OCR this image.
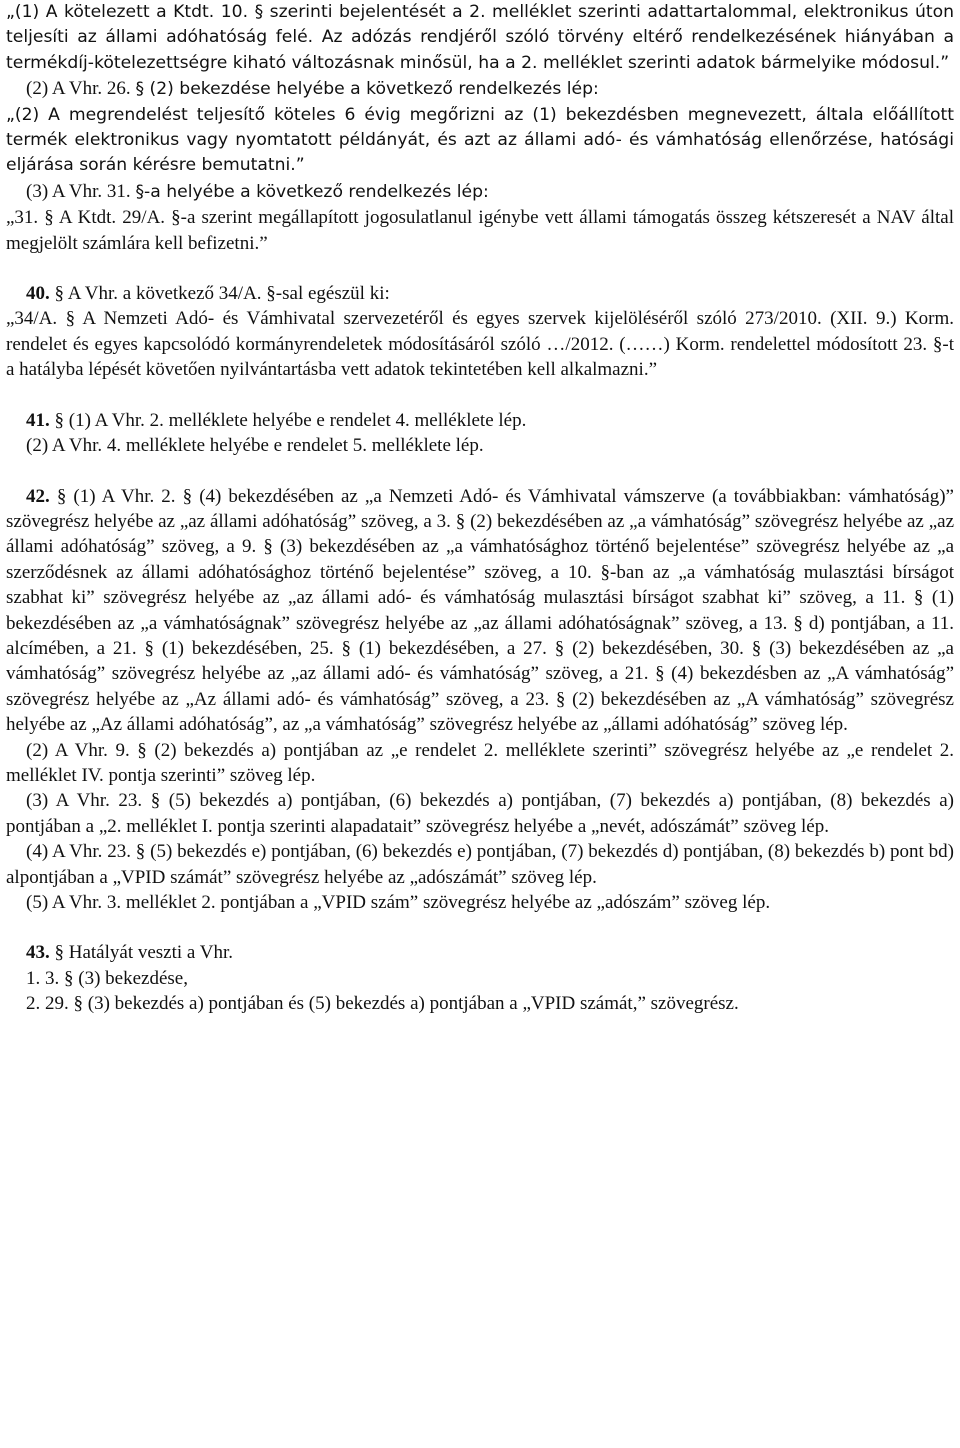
„(1) A kötelezett a Ktdt. 10. § szerinti bejelentését a 2. melléklet szerinti adattartalommal, elektronikus úton teljesíti az állami adóhatóság felé. Az adózás rendjéről szóló törvény eltérő rendelkezésének hiányában a termékdíj-kötelezettségre kiható változásnak minősül, ha a 2. melléklet szerinti adatok bármelyike módosul.”

(2) A Vhr. 26. § (2) bekezdése helyébe a következő rendelkezés lép:

„(2) A megrendelést teljesítő köteles 6 évig megőrizni az (1) bekezdésben megnevezett, általa előállított termék elektronikus vagy nyomtatott példányát, és azt az állami adó- és vámhatóság ellenőrzése, hatósági eljárása során kérésre bemutatni.”

(3) A Vhr. 31. §-a helyébe a következő rendelkezés lép:

„31. § A Ktdt. 29/A. §-a szerint megállapított jogosulatlanul igénybe vett állami támogatás összeg kétszeresét a NAV által megjelölt számlára kell befizetni.”

40. § A Vhr. a következő 34/A. §-sal egészül ki:

„34/A. § A Nemzeti Adó- és Vámhivatal szervezetéről és egyes szervek kijelöléséről szóló 273/2010. (XII. 9.) Korm. rendelet és egyes kapcsolódó kormányrendeletek módosításáról szóló …/2012. (……) Korm. rendelettel módosított 23. §-t a hatályba lépését követően nyilvántartásba vett adatok tekintetében kell alkalmazni.”

41. § (1) A Vhr. 2. melléklete helyébe e rendelet 4. melléklete lép.

(2) A Vhr. 4. melléklete helyébe e rendelet 5. melléklete lép.

42. § (1) A Vhr. 2. § (4) bekezdésében az „a Nemzeti Adó- és Vámhivatal vámszerve (a továbbiakban: vámhatóság)” szövegrész helyébe az „az állami adóhatóság” szöveg, a 3. § (2) bekezdésében az „a vámhatóság” szövegrész helyébe az „az állami adóhatóság” szöveg, a 9. § (3) bekezdésében az „a vámhatósághoz történő bejelentése” szövegrész helyébe az „a szerződésnek az állami adóhatósághoz történő bejelentése” szöveg, a 10. §-ban az „a vámhatóság mulasztási bírságot szabhat ki” szövegrész helyébe az „az állami adó- és vámhatóság mulasztási bírságot szabhat ki” szöveg, a 11. § (1) bekezdésében az „a vámhatóságnak” szövegrész helyébe az „az állami adóhatóságnak” szöveg, a 13. § d) pontjában, a 11. alcímében, a 21. § (1) bekezdésében, 25. § (1) bekezdésében, a 27. § (2) bekezdésében, 30. § (3) bekezdésében az „a vámhatóság” szövegrész helyébe az „az állami adó- és vámhatóság” szöveg, a 21. § (4) bekezdésben az „A vámhatóság” szövegrész helyébe az „Az állami adó- és vámhatóság” szöveg, a 23. § (2) bekezdésében az „A vámhatóság” szövegrész helyébe az „Az állami adóhatóság”, az „a vámhatóság” szövegrész helyébe az „állami adóhatóság” szöveg lép.

(2) A Vhr. 9. § (2) bekezdés a) pontjában az „e rendelet 2. melléklete szerinti” szövegrész helyébe az „e rendelet 2. melléklet IV. pontja szerinti” szöveg lép.

(3) A Vhr. 23. § (5) bekezdés a) pontjában, (6) bekezdés a) pontjában, (7) bekezdés a) pontjában, (8) bekezdés a) pontjában a „2. melléklet I. pontja szerinti alapadatait” szövegrész helyébe a „nevét, adószámát” szöveg lép.

(4) A Vhr. 23. § (5) bekezdés e) pontjában, (6) bekezdés e) pontjában, (7) bekezdés d) pontjában, (8) bekezdés b) pont bd) alpontjában a „VPID számát” szövegrész helyébe az „adószámát” szöveg lép.

(5) A Vhr. 3. melléklet 2. pontjában a „VPID szám” szövegrész helyébe az „adószám” szöveg lép.

43. § Hatályát veszti a Vhr.

1. 3. § (3) bekezdése,

2. 29. § (3) bekezdés a) pontjában és (5) bekezdés a) pontjában a „VPID számát,” szövegrész.
